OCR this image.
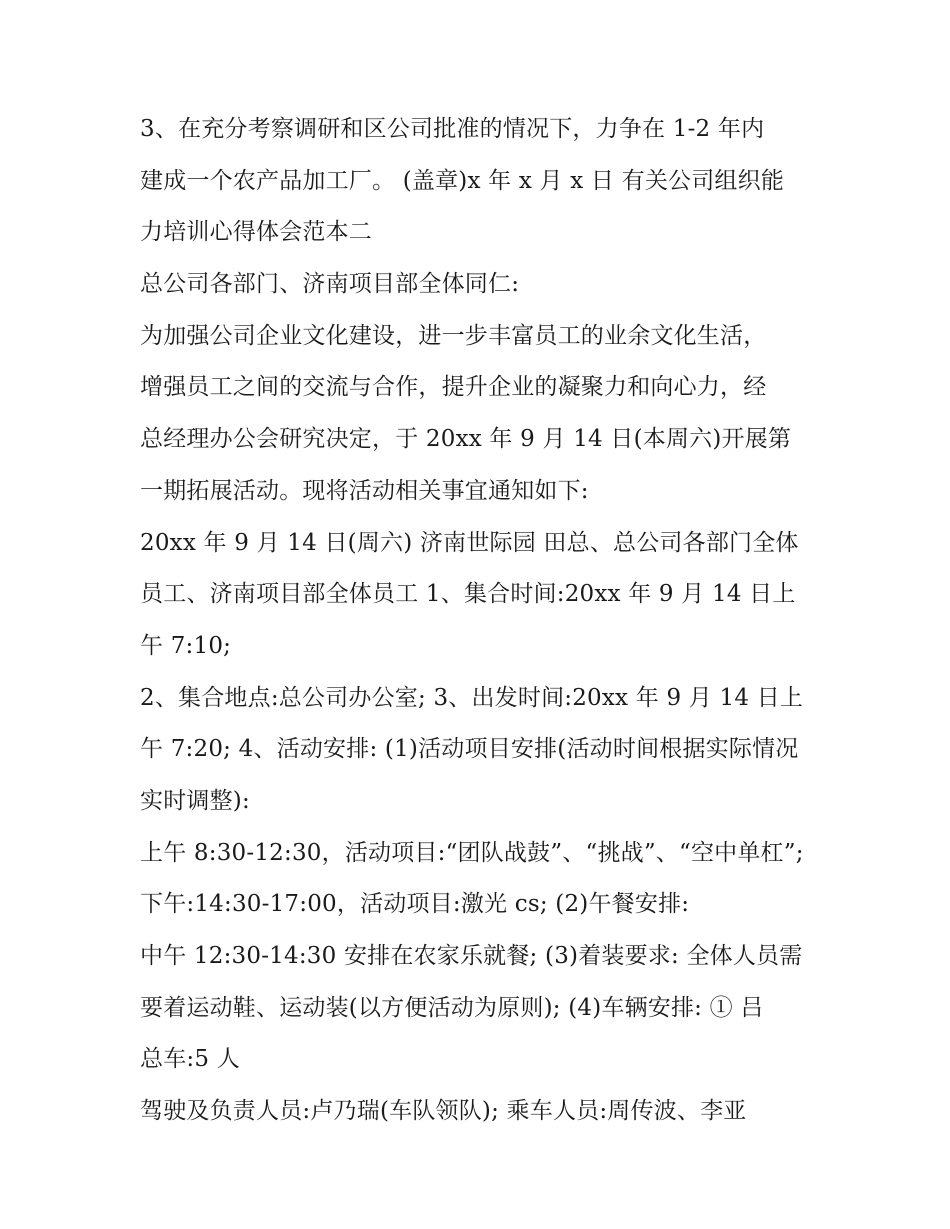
3、在充分考察调研和区公司批准的情况下，力争在 1-2 年内
建成一个农产品加工厂。 (盖章)x 年 x 月 x 日 有关公司组织能
力培训心得体会范本二
总公司各部门、济南项目部全体同仁:
为加强公司企业文化建设，进一步丰富员工的业余文化生活，
增强员工之间的交流与合作，提升企业的凝聚力和向心力，经
总经理办公会研究决定，于 20xx 年 9 月 14 日(本周六)开展第
一期拓展活动。现将活动相关事宜通知如下:
20xx 年 9 月 14 日(周六) 济南世际园 田总、总公司各部门全体
员工、济南项目部全体员工 1、集合时间:20xx 年 9 月 14 日上
午 7:10;
2、集合地点:总公司办公室; 3、出发时间:20xx 年 9 月 14 日上
午 7:20; 4、活动安排: (1)活动项目安排(活动时间根据实际情况
实时调整):
上午 8:30-12:30，活动项目:“团队战鼓”、“挑战”、“空中单杠”;
下午:14:30-17:00，活动项目:激光 cs; (2)午餐安排:
中午 12:30-14:30 安排在农家乐就餐; (3)着装要求: 全体人员需
要着运动鞋、运动装(以方便活动为原则); (4)车辆安排: ① 吕
总车:5 人
驾驶及负责人员:卢乃瑞(车队领队); 乘车人员:周传波、李亚
